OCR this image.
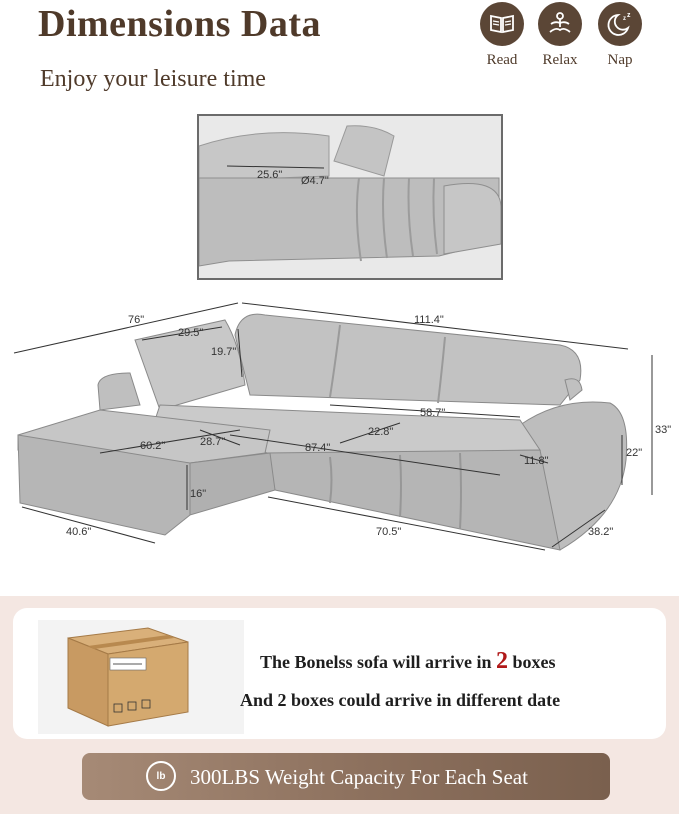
Dimensions Data
Enjoy your leisure time
Read	Relax
z z
Nap
25.6" Ø4.7"
76"	111.4"
29.5"
19.7"
58.7"
33"
22.8"
87.4"
60.2"	28.7"
11.8"
22"
16"
40.6"	70.5"	38.2"
The Bonelss sofa will arrive in 2 boxes
And 2 boxes could arrive in different date
lb	300LBS Weight Capacity For Each Seat
